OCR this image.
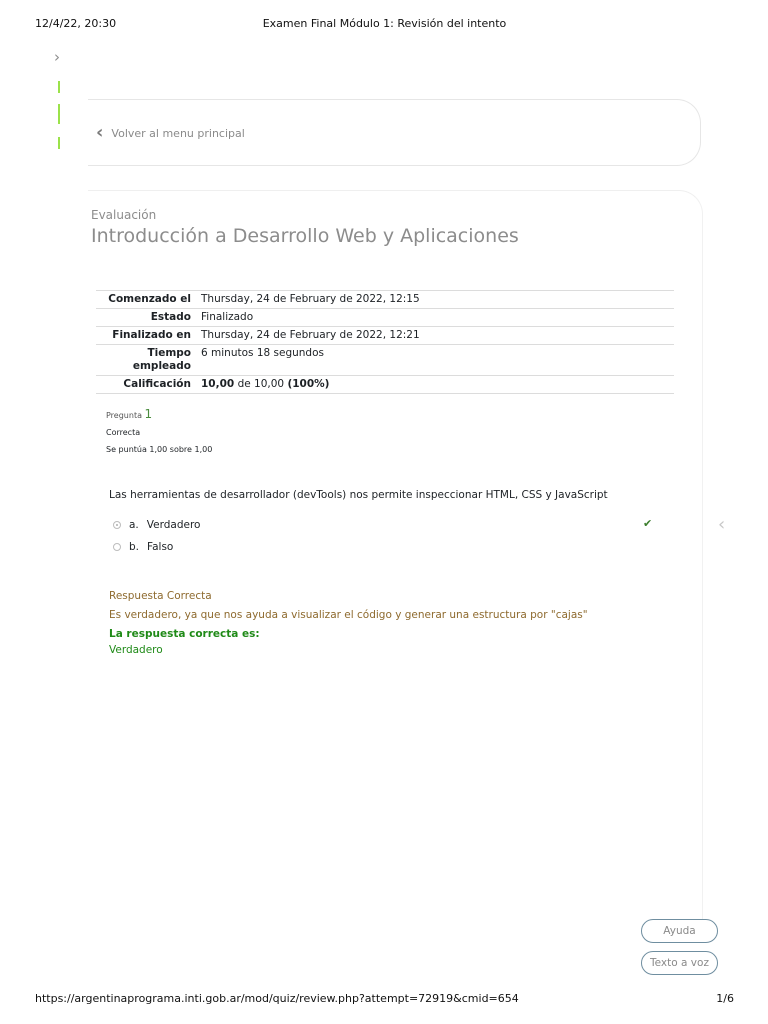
12/4/22, 20:30	Examen Final Módulo 1: Revisión del intento
›
‹ Volver al menu principal
Evaluación
Introducción a Desarrollo Web y Aplicaciones
Comenzado el	Thursday, 24 de February de 2022, 12:15
Estado	Finalizado
Finalizado en	Thursday, 24 de February de 2022, 12:21
Tiempo
empleado	6 minutos 18 segundos
Calificación	10,00 de 10,00 (100%)
Pregunta 1
Correcta
Se puntúa 1,00 sobre 1,00
Las herramientas de desarrollador (devTools) nos permite inspeccionar HTML, CSS y JavaScript
a. Verdadero
b. Falso
✔
Respuesta Correcta
Es verdadero, ya que nos ayuda a visualizar el código y generar una estructura por "cajas"
La respuesta correcta es:
Verdadero
‹
Ayuda
Texto a voz
https://argentinaprograma.inti.gob.ar/mod/quiz/review.php?attempt=72919&cmid=654	1/6
